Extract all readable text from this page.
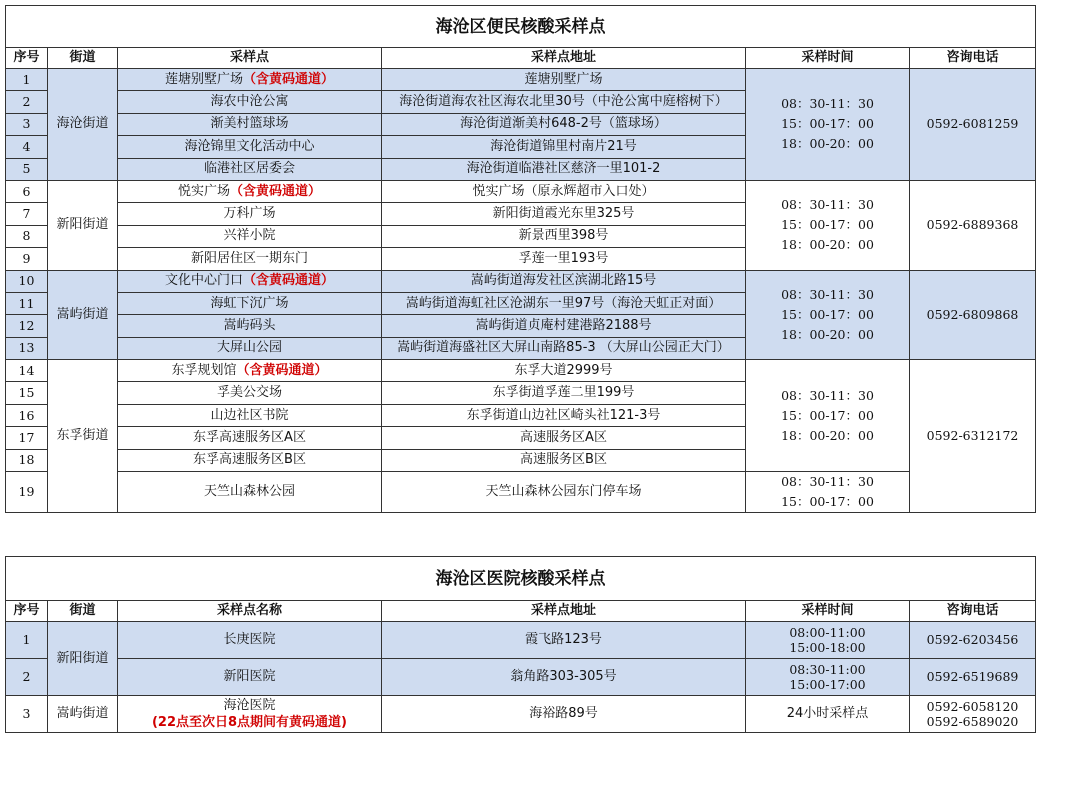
海沧区便民核酸采样点					
序号	街道	采样点	采样点地址	采样时间	咨询电话
1	海沧街道	莲塘别墅广场（含黄码通道）	莲塘别墅广场	08：30-11：30
15：00-17：00
18：00-20：00	0592-6081259
2		海农中沧公寓	海沧街道海农社区海农北里30号（中沧公寓中庭榕树下）		
3		渐美村篮球场	海沧街道渐美村648-2号（篮球场）		
4		海沧锦里文化活动中心	海沧街道锦里村南片21号		
5		临港社区居委会	海沧街道临港社区慈济一里101-2		
6	新阳街道	悦实广场（含黄码通道）	悦实广场（原永辉超市入口处）	08：30-11：30
15：00-17：00
18：00-20：00	0592-6889368
7		万科广场	新阳街道霞光东里325号		
8		兴祥小院	新景西里398号		
9		新阳居住区一期东门	孚莲一里193号		
10	嵩屿街道	文化中心门口（含黄码通道）	嵩屿街道海发社区滨湖北路15号	08：30-11：30
15：00-17：00
18：00-20：00	0592-6809868
11		海虹下沉广场	嵩屿街道海虹社区沧湖东一里97号（海沧天虹正对面）		
12		嵩屿码头	嵩屿街道贞庵村建港路2188号		
13		大屏山公园	嵩屿街道海盛社区大屏山南路85-3 （大屏山公园正大门）		
14	东孚街道	东孚规划馆（含黄码通道）	东孚大道2999号	08：30-11：30
15：00-17：00
18：00-20：00	0592-6312172
15		孚美公交场	东孚街道孚莲二里199号		
16		山边社区书院	东孚街道山边社区崎头社121-3号		
17		东孚高速服务区A区	高速服务区A区		
18		东孚高速服务区B区	高速服务区B区		
19		天竺山森林公园	天竺山森林公园东门停车场	08：30-11：30
15：00-17：00	
海沧区医院核酸采样点					
序号	街道	采样点名称	采样点地址	采样时间	咨询电话
1	新阳街道	长庚医院	霞飞路123号	08:00-11:00
15:00-18:00	0592-6203456
2		新阳医院	翁角路303-305号	08:30-11:00
15:00-17:00	0592-6519689
3	嵩屿街道	海沧医院
(22点至次日8点期间有黄码通道)	海裕路89号	24小时采样点	0592-6058120
0592-6589020
